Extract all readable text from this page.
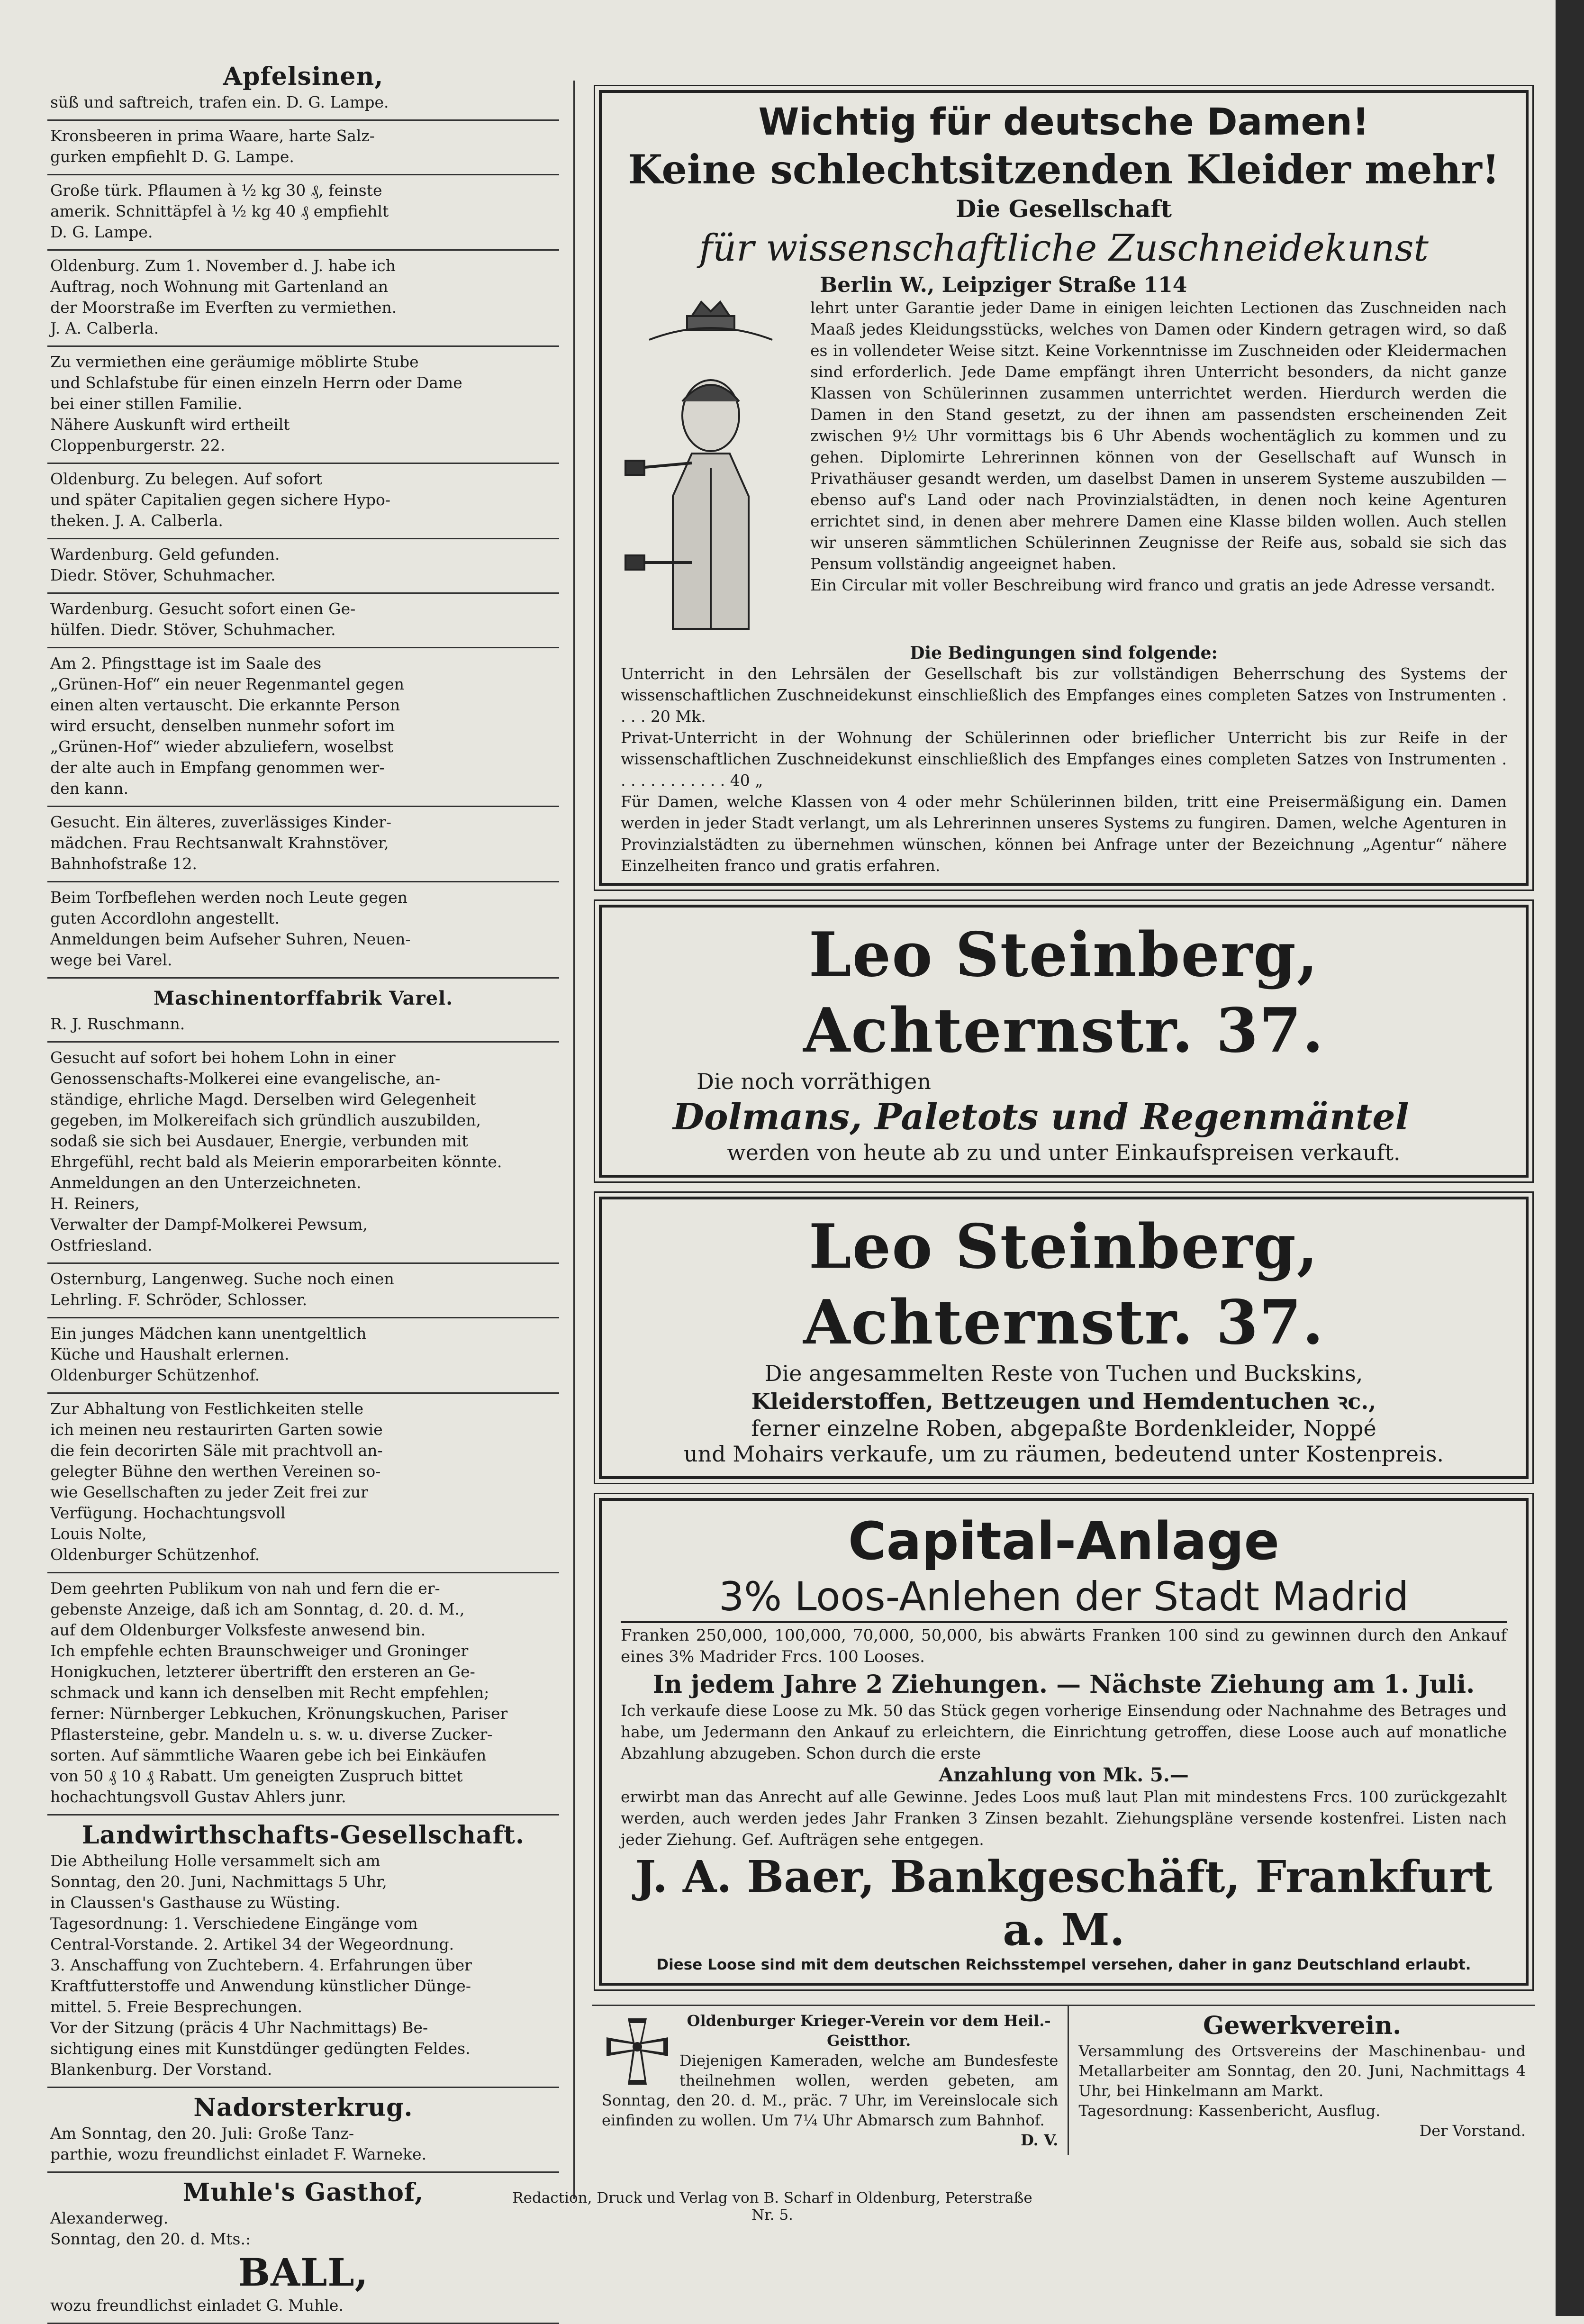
Apfelsinen,

süß und saftreich, trafen ein. D. G. Lampe.

Kronsbeeren in prima Waare, harte Salz-

gurken empfiehlt D. G. Lampe.

Große türk. Pflaumen à ½ kg 30 ₰, feinste

amerik. Schnittäpfel à ½ kg 40 ₰ empfiehlt

D. G. Lampe.

Oldenburg. Zum 1. November d. J. habe ich

Auftrag, noch Wohnung mit Gartenland an

der Moorstraße im Everften zu vermiethen.

J. A. Calberla.

Zu vermiethen eine geräumige möblirte Stube

und Schlafstube für einen einzeln Herrn oder Dame

bei einer stillen Familie.

Nähere Auskunft wird ertheilt

Cloppenburgerstr. 22.

Oldenburg. Zu belegen. Auf sofort

und später Capitalien gegen sichere Hypo-

theken. J. A. Calberla.

Wardenburg. Geld gefunden.

Diedr. Stöver, Schuhmacher.

Wardenburg. Gesucht sofort einen Ge-

hülfen. Diedr. Stöver, Schuhmacher.

Am 2. Pfingsttage ist im Saale des

„Grünen-Hof“ ein neuer Regenmantel gegen

einen alten vertauscht. Die erkannte Person

wird ersucht, denselben nunmehr sofort im

„Grünen-Hof“ wieder abzuliefern, woselbst

der alte auch in Empfang genommen wer-

den kann.

Gesucht. Ein älteres, zuverlässiges Kinder-

mädchen. Frau Rechtsanwalt Krahnstöver,

Bahnhofstraße 12.

Beim Torfbeflehen werden noch Leute gegen

guten Accordlohn angestellt.

Anmeldungen beim Aufseher Suhren, Neuen-

wege bei Varel.

Maschinentorffabrik Varel.

R. J. Ruschmann.

Gesucht auf sofort bei hohem Lohn in einer

Genossenschafts-Molkerei eine evangelische, an-

ständige, ehrliche Magd. Derselben wird Gelegenheit

gegeben, im Molkereifach sich gründlich auszubilden,

sodaß sie sich bei Ausdauer, Energie, verbunden mit

Ehrgefühl, recht bald als Meierin emporarbeiten könnte.

Anmeldungen an den Unterzeichneten.

H. Reiners,

Verwalter der Dampf-Molkerei Pewsum,

Ostfriesland.

Osternburg, Langenweg. Suche noch einen

Lehrling. F. Schröder, Schlosser.

Ein junges Mädchen kann unentgeltlich

Küche und Haushalt erlernen.

Oldenburger Schützenhof.

Zur Abhaltung von Festlichkeiten stelle

ich meinen neu restaurirten Garten sowie

die fein decorirten Säle mit prachtvoll an-

gelegter Bühne den werthen Vereinen so-

wie Gesellschaften zu jeder Zeit frei zur

Verfügung. Hochachtungsvoll

Louis Nolte,

Oldenburger Schützenhof.

Dem geehrten Publikum von nah und fern die er-

gebenste Anzeige, daß ich am Sonntag, d. 20. d. M.,

auf dem Oldenburger Volksfeste anwesend bin.

Ich empfehle echten Braunschweiger und Groninger

Honigkuchen, letzterer übertrifft den ersteren an Ge-

schmack und kann ich denselben mit Recht empfehlen;

ferner: Nürnberger Lebkuchen, Krönungskuchen, Pariser

Pflastersteine, gebr. Mandeln u. s. w. u. diverse Zucker-

sorten. Auf sämmtliche Waaren gebe ich bei Einkäufen

von 50 ₰ 10 ₰ Rabatt. Um geneigten Zuspruch bittet

hochachtungsvoll Gustav Ahlers junr.

Landwirthschafts-Gesellschaft.

Die Abtheilung Holle versammelt sich am

Sonntag, den 20. Juni, Nachmittags 5 Uhr,

in Claussen's Gasthause zu Wüsting.

Tagesordnung: 1. Verschiedene Eingänge vom

Central-Vorstande. 2. Artikel 34 der Wegeordnung.

3. Anschaffung von Zuchtebern. 4. Erfahrungen über

Kraftfutterstoffe und Anwendung künstlicher Dünge-

mittel. 5. Freie Besprechungen.

Vor der Sitzung (präcis 4 Uhr Nachmittags) Be-

sichtigung eines mit Kunstdünger gedüngten Feldes.

Blankenburg. Der Vorstand.

Nadorsterkrug.

Am Sonntag, den 20. Juli: Große Tanz-

parthie, wozu freundlichst einladet F. Warneke.

Muhle's Gasthof,

Alexanderweg.

Sonntag, den 20. d. Mts.:

BALL,

wozu freundlichst einladet G. Muhle.

Wichtig für deutsche Damen!
Keine schlechtsitzenden Kleider mehr!
Die Gesellschaft
für wissenschaftliche Zuschneidekunst
Berlin W., Leipziger Straße 114

lehrt unter Garantie jeder Dame in einigen leichten Lectionen das Zuschneiden nach Maaß jedes Kleidungsstücks, welches von Damen oder Kindern getragen wird, so daß es in vollendeter Weise sitzt. Keine Vorkenntnisse im Zuschneiden oder Kleidermachen sind erforderlich. Jede Dame empfängt ihren Unterricht besonders, da nicht ganze Klassen von Schülerinnen zusammen unterrichtet werden. Hierdurch werden die Damen in den Stand gesetzt, zu der ihnen am passendsten erscheinenden Zeit zwischen 9½ Uhr vormittags bis 6 Uhr Abends wochentäglich zu kommen und zu gehen. Diplomirte Lehrerinnen können von der Gesellschaft auf Wunsch in Privathäuser gesandt werden, um daselbst Damen in unserem Systeme auszubilden — ebenso auf's Land oder nach Provinzialstädten, in denen noch keine Agenturen errichtet sind, in denen aber mehrere Damen eine Klasse bilden wollen. Auch stellen wir unseren sämmtlichen Schülerinnen Zeugnisse der Reife aus, sobald sie sich das Pensum vollständig angeeignet haben.

Ein Circular mit voller Beschreibung wird franco und gratis an jede Adresse versandt.

Die Bedingungen sind folgende:

Unterricht in den Lehrsälen der Gesellschaft bis zur vollständigen Beherrschung des Systems der wissenschaftlichen Zuschneidekunst einschließlich des Empfanges eines completen Satzes von Instrumenten . . . . 20 Mk.

Privat-Unterricht in der Wohnung der Schülerinnen oder brieflicher Unterricht bis zur Reife in der wissenschaftlichen Zuschneidekunst einschließlich des Empfanges eines completen Satzes von Instrumenten . . . . . . . . . . . . 40 „

Für Damen, welche Klassen von 4 oder mehr Schülerinnen bilden, tritt eine Preisermäßigung ein. Damen werden in jeder Stadt verlangt, um als Lehrerinnen unseres Systems zu fungiren. Damen, welche Agenturen in Provinzialstädten zu übernehmen wünschen, können bei Anfrage unter der Bezeichnung „Agentur“ nähere Einzelheiten franco und gratis erfahren.

Leo Steinberg, Achternstr. 37.
Die noch vorräthigen
Dolmans, Paletots und Regenmäntel
werden von heute ab zu und unter Einkaufspreisen verkauft.
Leo Steinberg, Achternstr. 37.
Die angesammelten Reste von Tuchen und Buckskins,
Kleiderstoffen, Bettzeugen und Hemdentuchen ꝛc.,
ferner einzelne Roben, abgepaßte Bordenkleider, Noppé
und Mohairs verkaufe, um zu räumen, bedeutend unter Kostenpreis.
Capital-Anlage
3% Loos-Anlehen der Stadt Madrid

Franken 250,000, 100,000, 70,000, 50,000, bis abwärts Franken 100 sind zu gewinnen durch den Ankauf eines 3% Madrider Frcs. 100 Looses.

In jedem Jahre 2 Ziehungen. — Nächste Ziehung am 1. Juli.

Ich verkaufe diese Loose zu Mk. 50 das Stück gegen vorherige Einsendung oder Nachnahme des Betrages und habe, um Jedermann den Ankauf zu erleichtern, die Einrichtung getroffen, diese Loose auch auf monatliche Abzahlung abzugeben. Schon durch die erste

Anzahlung von Mk. 5.—

erwirbt man das Anrecht auf alle Gewinne. Jedes Loos muß laut Plan mit mindestens Frcs. 100 zurückgezahlt werden, auch werden jedes Jahr Franken 3 Zinsen bezahlt. Ziehungspläne versende kostenfrei. Listen nach jeder Ziehung. Gef. Aufträgen sehe entgegen.

J. A. Baer, Bankgeschäft, Frankfurt a. M.
Diese Loose sind mit dem deutschen Reichsstempel versehen, daher in ganz Deutschland erlaubt.
Oldenburger Krieger-Verein vor dem Heil.-Geistthor.

Diejenigen Kameraden, welche am Bundesfeste theilnehmen wollen, werden gebeten, am Sonntag, den 20. d. M., präc. 7 Uhr, im Vereinslocale sich einfinden zu wollen. Um 7¼ Uhr Abmarsch zum Bahnhof.

D. V.
Gewerkverein.

Versammlung des Ortsvereins der Maschinenbau- und Metallarbeiter am Sonntag, den 20. Juni, Nachmittags 4 Uhr, bei Hinkelmann am Markt.

Tagesordnung: Kassenbericht, Ausflug.

Der Vorstand.
Redaction, Druck und Verlag von B. Scharf in Oldenburg, Peterstraße Nr. 5.
